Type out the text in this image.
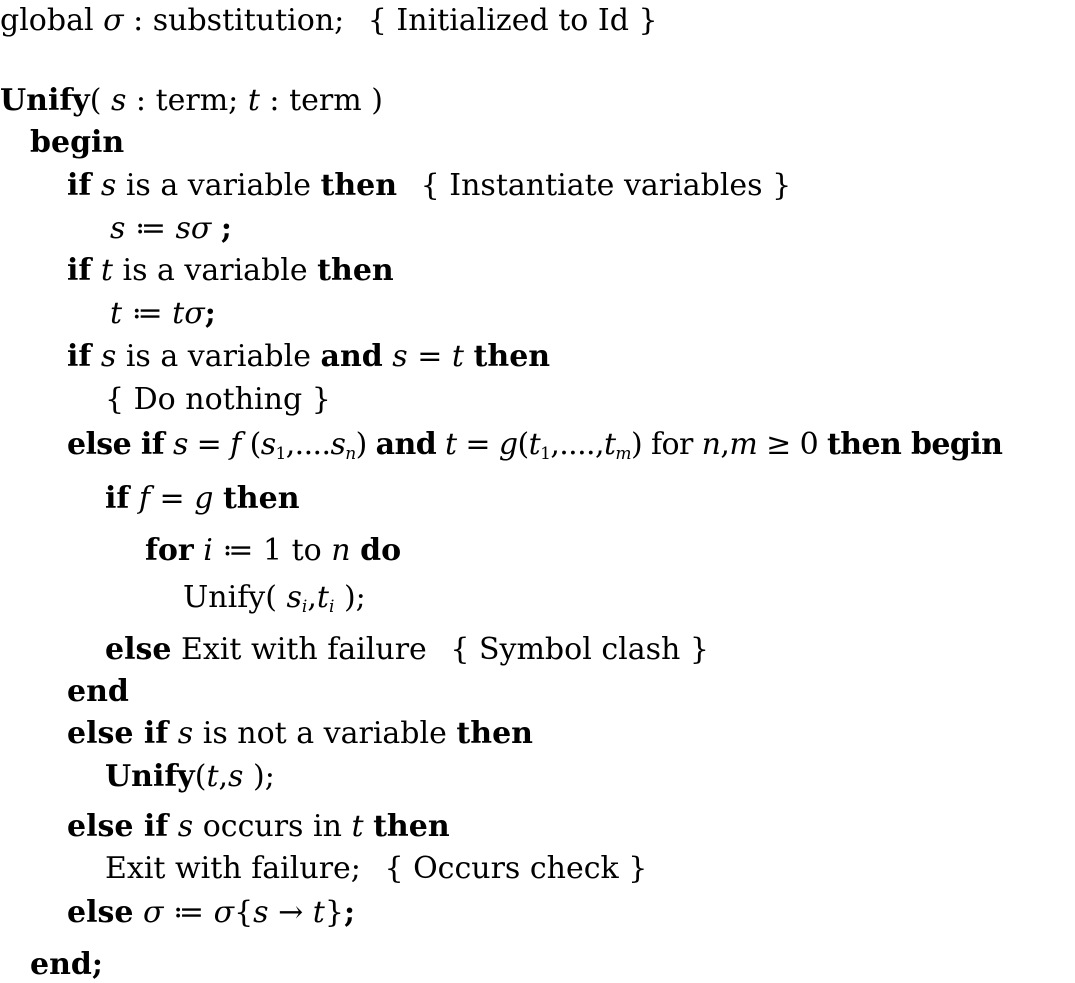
global σ : substitution; { Initialized to Id }
Unify( s : term; t : term )
begin
if s is a variable then { Instantiate variables }
s ≔ sσ ;
if t is a variable then
t ≔ tσ;
if s is a variable and s = t then
{ Do nothing }
else if s = f $(s_1,....s_n)$ and $t = g(t_1,....,t_m)$ for n,m ≥ 0 then begin
if f = g then
for i ≔ 1 to n do
Unify( $s_i,t_i$ );
else Exit with failure { Symbol clash }
end
else if s is not a variable then
Unify(t,s );
else if s occurs in t then
Exit with failure; { Occurs check }
else σ ≔ σ{s → t};
end;
